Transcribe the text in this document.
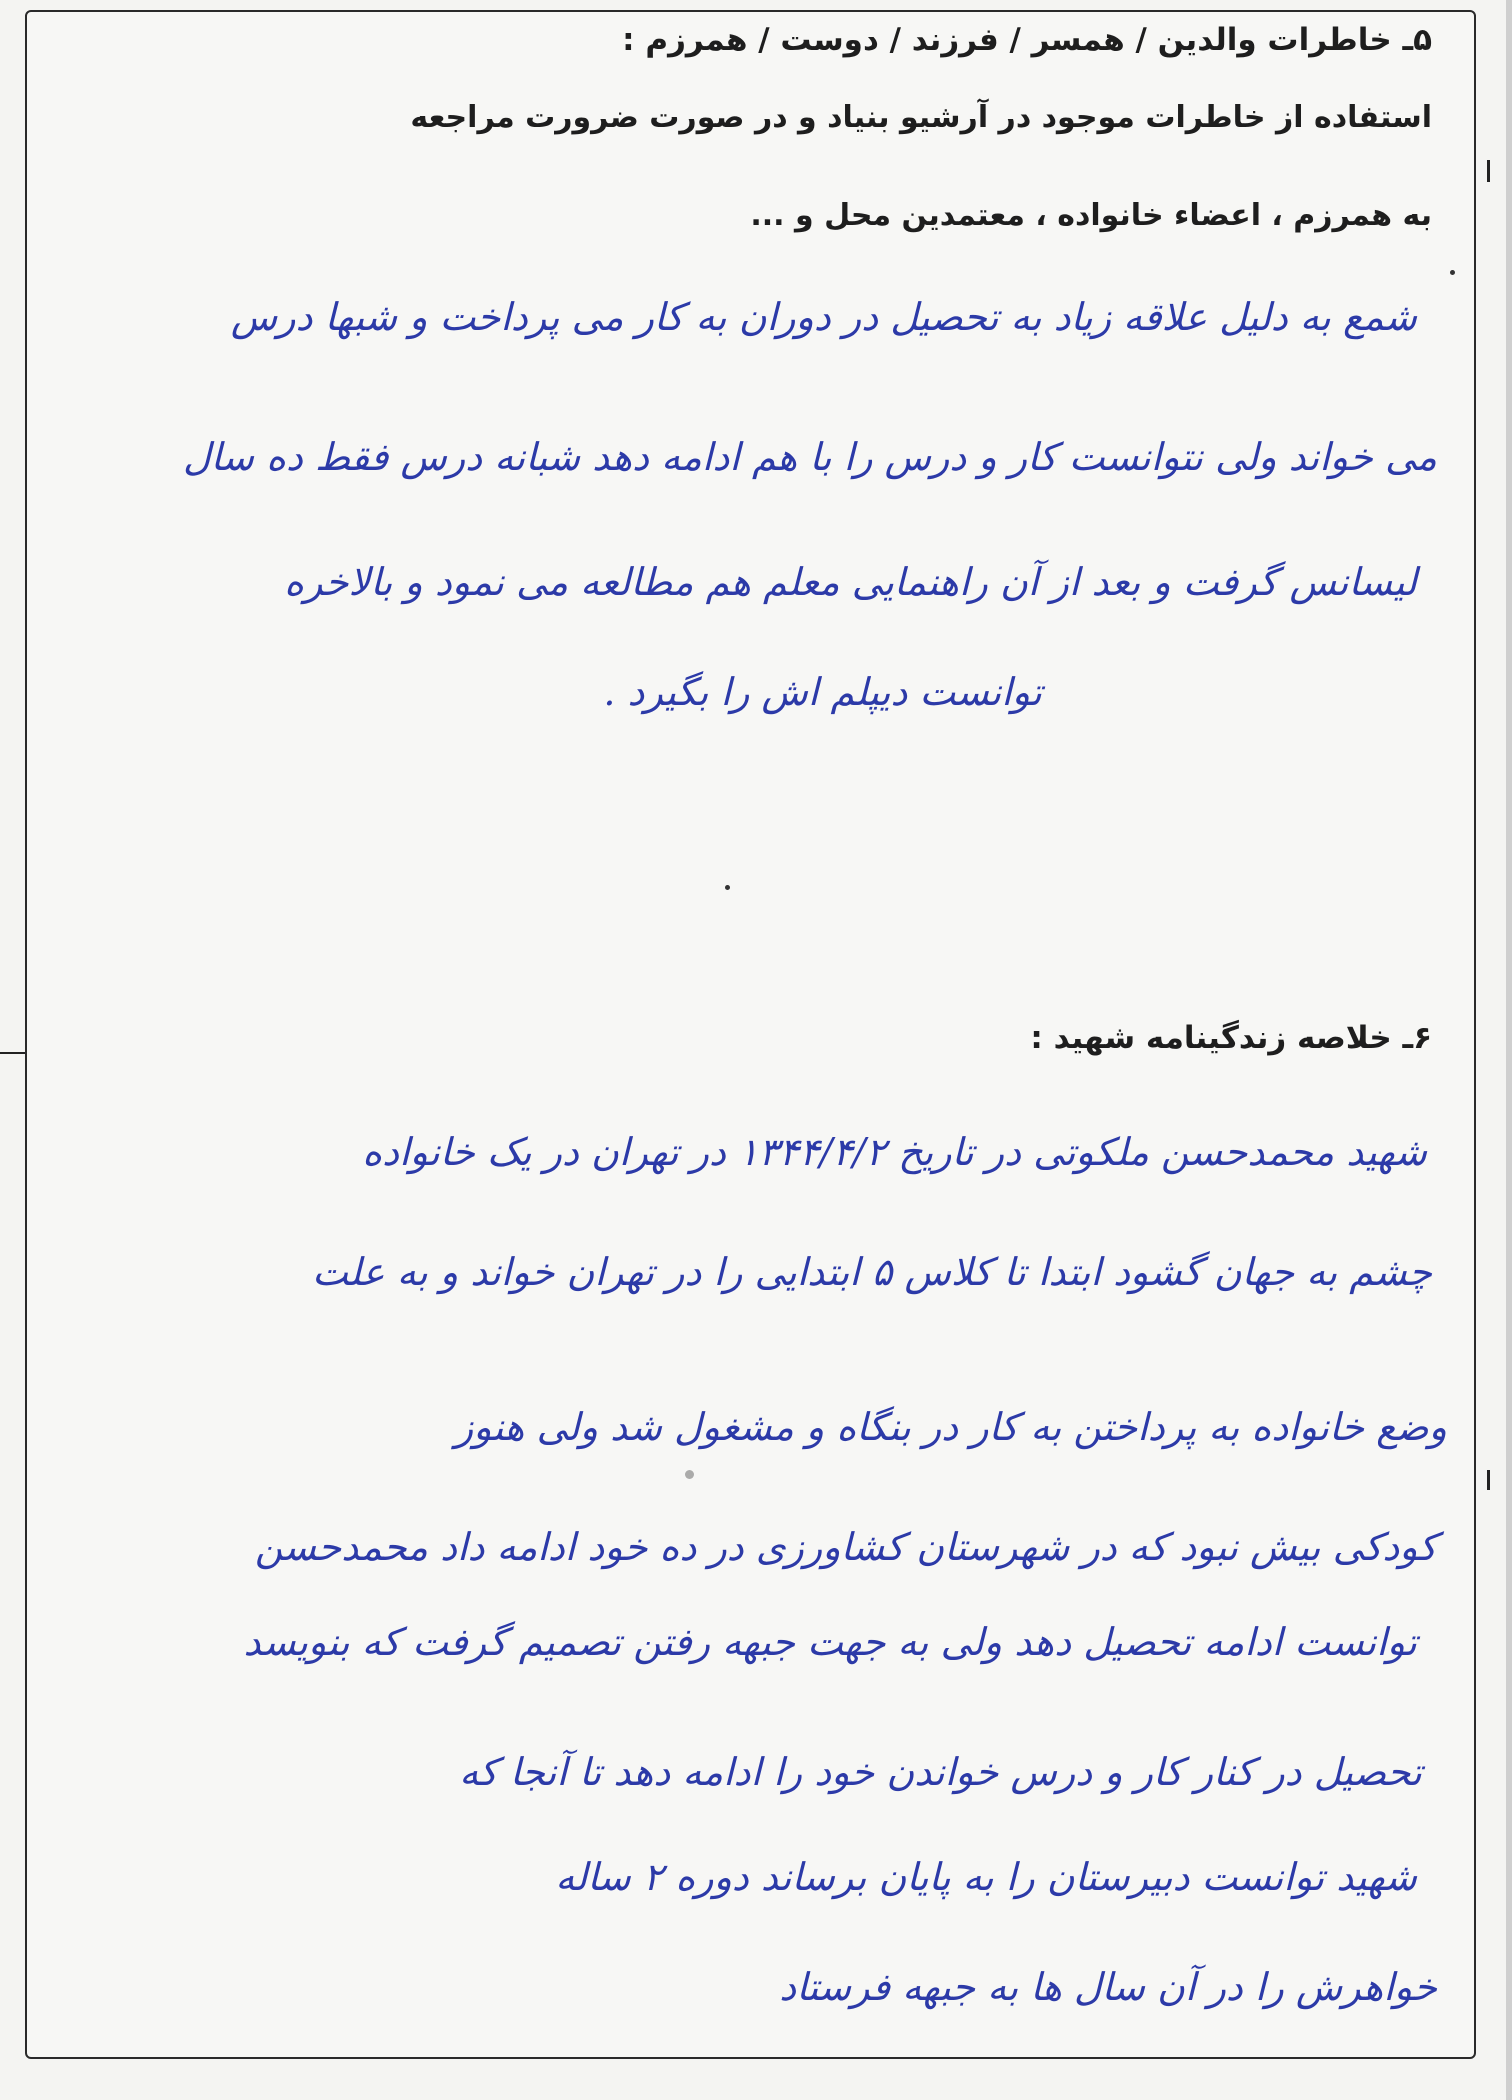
۵ـ خاطرات والدین / همسر / فرزند / دوست / همرزم :
استفاده از خاطرات موجود در آرشیو بنیاد و در صورت ضرورت مراجعه
به همرزم ، اعضاء خانواده ، معتمدین محل و ...
شمع به دلیل علاقه زیاد به تحصیل در دوران به کار می پرداخت و شبها درس
می خواند ولی نتوانست کار و درس را با هم ادامه دهد شبانه درس فقط ده سال
لیسانس گرفت و بعد از آن راهنمایی معلم هم مطالعه می نمود و بالاخره
توانست دیپلم اش را بگیرد .
۶ـ خلاصه زندگینامه شهید :
شهید محمدحسن ملکوتی در تاریخ ۱۳۴۴/۴/۲ در تهران در یک خانواده
چشم به جهان گشود ابتدا تا کلاس ۵ ابتدایی را در تهران خواند و به علت
وضع خانواده به پرداختن به کار در بنگاه و مشغول شد ولی هنوز
کودکی بیش نبود که در شهرستان کشاورزی در ده خود ادامه داد محمدحسن
توانست ادامه تحصیل دهد ولی به جهت جبهه رفتن تصمیم گرفت که بنویسد
تحصیل در کنار کار و درس خواندن خود را ادامه دهد تا آنجا که
شهید توانست دبیرستان را به پایان برساند دوره ۲ ساله
خواهرش را در آن سال ها به جبهه فرستاد
